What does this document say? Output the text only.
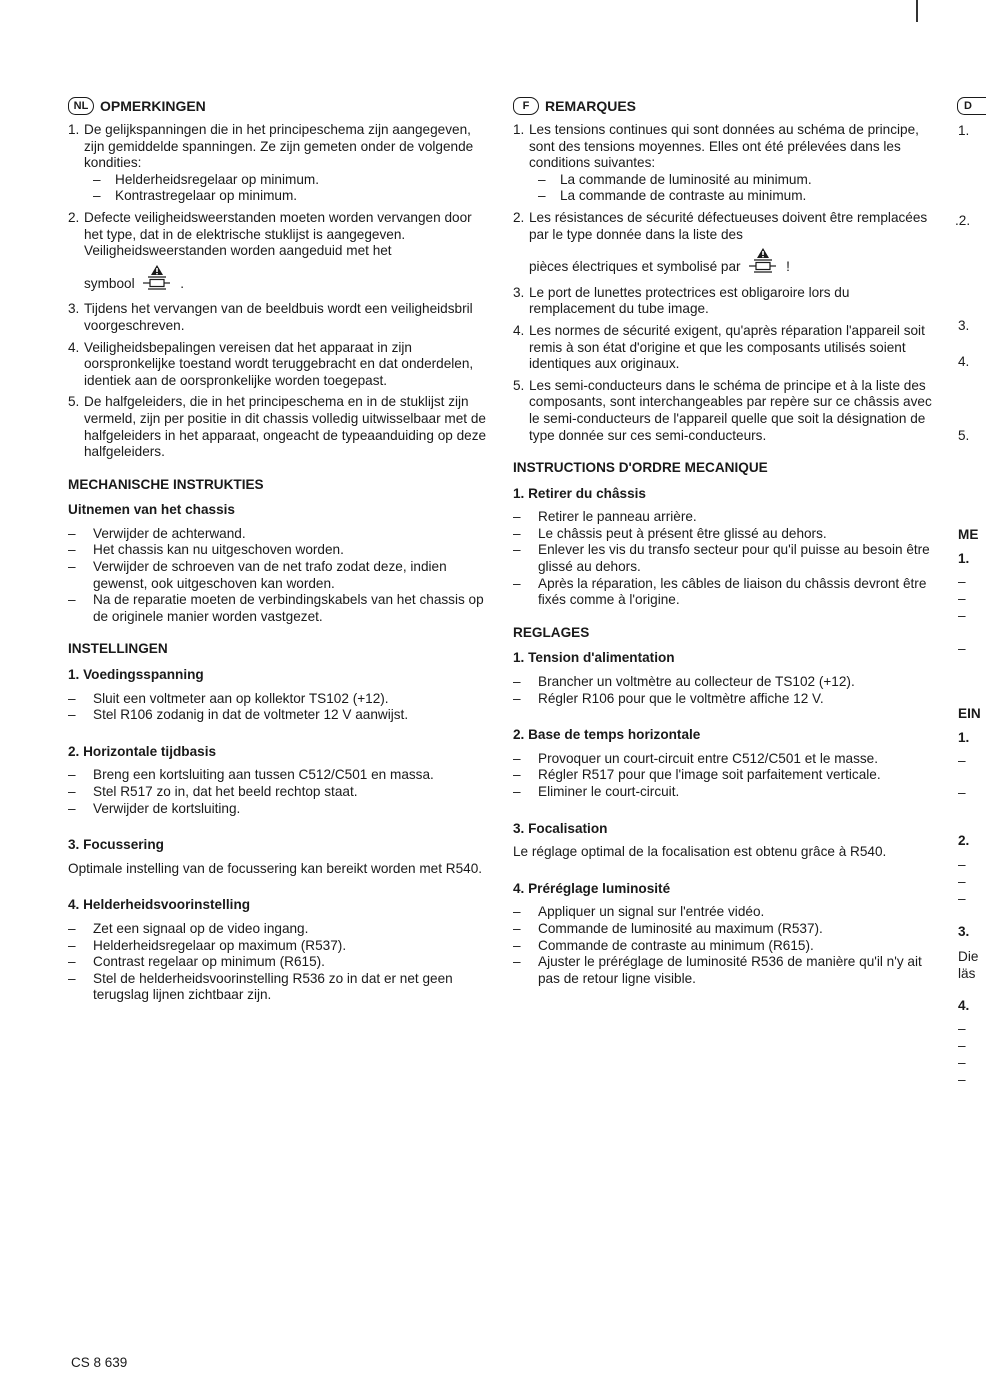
NL OPMERKINGEN
1. De gelijkspanningen die in het principeschema zijn aangegeven, zijn gemiddelde spanningen. Ze zijn gemeten onder de volgende kondities:
– Helderheidsregelaar op minimum.
– Kontrastregelaar op minimum.
2. Defecte veiligheidsweerstanden moeten worden vervangen door het type, dat in de elektrische stuklijst is aangegeven.
Veiligheidsweerstanden worden aangeduid met het
symbool	.
3. Tijdens het vervangen van de beeldbuis wordt een veiligheidsbril voorgeschreven.
4. Veiligheidsbepalingen vereisen dat het apparaat in zijn oorspronkelijke toestand wordt teruggebracht en dat onderdelen, identiek aan de oorspronkelijke worden toegepast.
5. De halfgeleiders, die in het principeschema en in de stuklijst zijn vermeld, zijn per positie in dit chassis volledig uitwisselbaar met de halfgeleiders in het apparaat, ongeacht de typeaanduiding op deze halfgeleiders.
MECHANISCHE INSTRUKTIES
Uitnemen van het chassis
– Verwijder de achterwand.
– Het chassis kan nu uitgeschoven worden.
– Verwijder de schroeven van de net trafo zodat deze, indien gewenst, ook uitgeschoven kan worden.
– Na de reparatie moeten de verbindingskabels van het chassis op de originele manier worden vastgezet.
INSTELLINGEN
1. Voedingsspanning
– Sluit een voltmeter aan op kollektor TS102 (+12).
– Stel R106 zodanig in dat de voltmeter 12 V aanwijst.
2. Horizontale tijdbasis
– Breng een kortsluiting aan tussen C512/C501 en massa.
– Stel R517 zo in, dat het beeld rechtop staat.
– Verwijder de kortsluiting.
3. Focussering

Optimale instelling van de focussering kan bereikt worden met R540.

4. Helderheidsvoorinstelling
– Zet een signaal op de video ingang.
– Helderheidsregelaar op maximum (R537).
– Contrast regelaar op minimum (R615).
– Stel de helderheidsvoorinstelling R536 zo in dat er net geen terugslag lijnen zichtbaar zijn.
F	REMARQUES
1. Les tensions continues qui sont données au schéma de principe, sont des tensions moyennes. Elles ont été prélevées dans les conditions suivantes:
– La commande de luminosité au minimum.
– La commande de contraste au minimum.
2. Les résistances de sécurité défectueuses doivent être remplacées par le type donnée dans la liste des
pièces électriques et symbolisé par	!
3. Le port de lunettes protectrices est obligaroire lors du remplacement du tube image.
4. Les normes de sécurité exigent, qu'après réparation l'appareil soit remis à son état d'origine et que les composants utilisés soient identiques aux originaux.
5. Les semi-conducteurs dans le schéma de principe et à la liste des composants, sont interchangeables par repère sur ce châssis avec le semi-conducteurs de l'appareil quelle que soit la désignation de type donnée sur ces semi-conducteurs.
INSTRUCTIONS D'ORDRE MECANIQUE
1. Retirer du châssis
– Retirer le panneau arrière.
– Le châssis peut à présent être glissé au dehors.
– Enlever les vis du transfo secteur pour qu'il puisse au besoin être glissé au dehors.
– Après la réparation, les câbles de liaison du châssis devront être fixés comme à l'origine.
REGLAGES
1. Tension d'alimentation
– Brancher un voltmètre au collecteur de TS102 (+12).
– Régler R106 pour que le voltmètre affiche 12 V.
2. Base de temps horizontale
– Provoquer un court-circuit entre C512/C501 et le masse.
– Régler R517 pour que l'image soit parfaitement verticale.
– Eliminer le court-circuit.
3. Focalisation

Le réglage optimal de la focalisation est obtenu grâce à R540.

4. Préréglage luminosité
– Appliquer un signal sur l'entrée vidéo.
– Commande de luminosité au maximum (R537).
– Commande de contraste au minimum (R615).
– Ajuster le préréglage de luminosité R536 de manière qu'il n'y ait pas de retour ligne visible.
D
1.
.2.
3.
4.
5.
ME
1.
–
–
–
–
EIN
1.
–
–
2.
–
–
–
3.
Die
läs
4.
–
–
–
–
CS 8 639
